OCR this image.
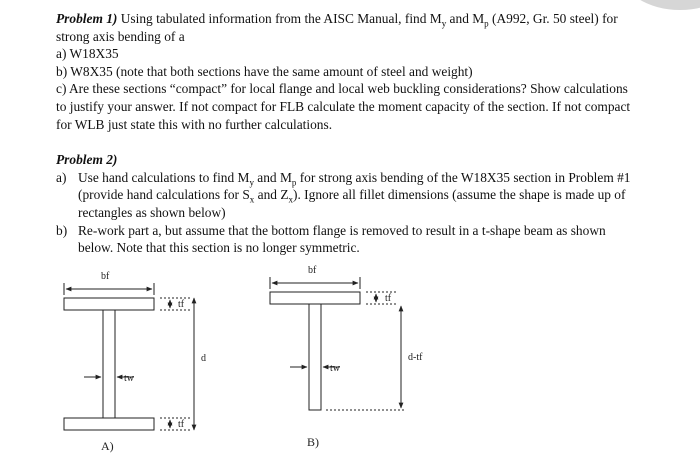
Problem 1) Using tabulated information from the AISC Manual, find $M_y$ and $M_p$ (A992, Gr. 50 steel) for strong axis bending of a

a) W18X35

b) W8X35 (note that both sections have the same amount of steel and weight)

c) Are these sections “compact” for local flange and local web buckling considerations? Show calculations to justify your answer. If not compact for FLB calculate the moment capacity of the section. If not compact for WLB just state this with no further calculations.

Problem 2)

a) Use hand calculations to find $M_y$ and $M_p$ for strong axis bending of the W18X35 section in Problem #1 (provide hand calculations for $S_x$ and $Z_x$). Ignore all fillet dimensions (assume the shape is made up of rectangles as shown below)
b) Re-work part a, but assume that the bottom flange is removed to result in a t-shape beam as shown below. Note that this section is no longer symmetric.
bf
tf
tf
d
tw
A)
bf
tf
d-tf
tw
B)
